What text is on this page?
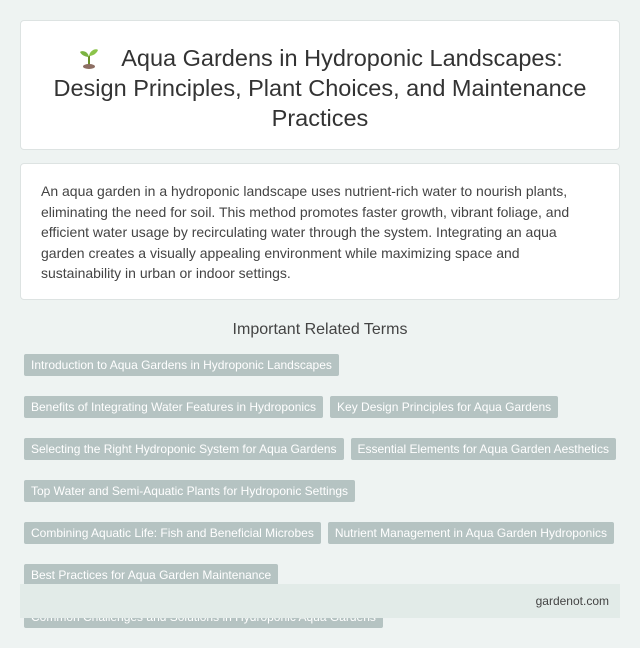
Aqua Gardens in Hydroponic Landscapes: Design Principles, Plant Choices, and Maintenance Practices

An aqua garden in a hydroponic landscape uses nutrient-rich water to nourish plants, eliminating the need for soil. This method promotes faster growth, vibrant foliage, and efficient water usage by recirculating water through the system. Integrating an aqua garden creates a visually appealing environment while maximizing space and sustainability in urban or indoor settings.

Important Related Terms
Introduction to Aqua Gardens in Hydroponic Landscapes
Benefits of Integrating Water Features in Hydroponics	Key Design Principles for Aqua Gardens
Selecting the Right Hydroponic System for Aqua Gardens	Essential Elements for Aqua Garden Aesthetics
Top Water and Semi-Aquatic Plants for Hydroponic Settings
Combining Aquatic Life: Fish and Beneficial Microbes	Nutrient Management in Aqua Garden Hydroponics
Best Practices for Aqua Garden Maintenance
gardenot.com
